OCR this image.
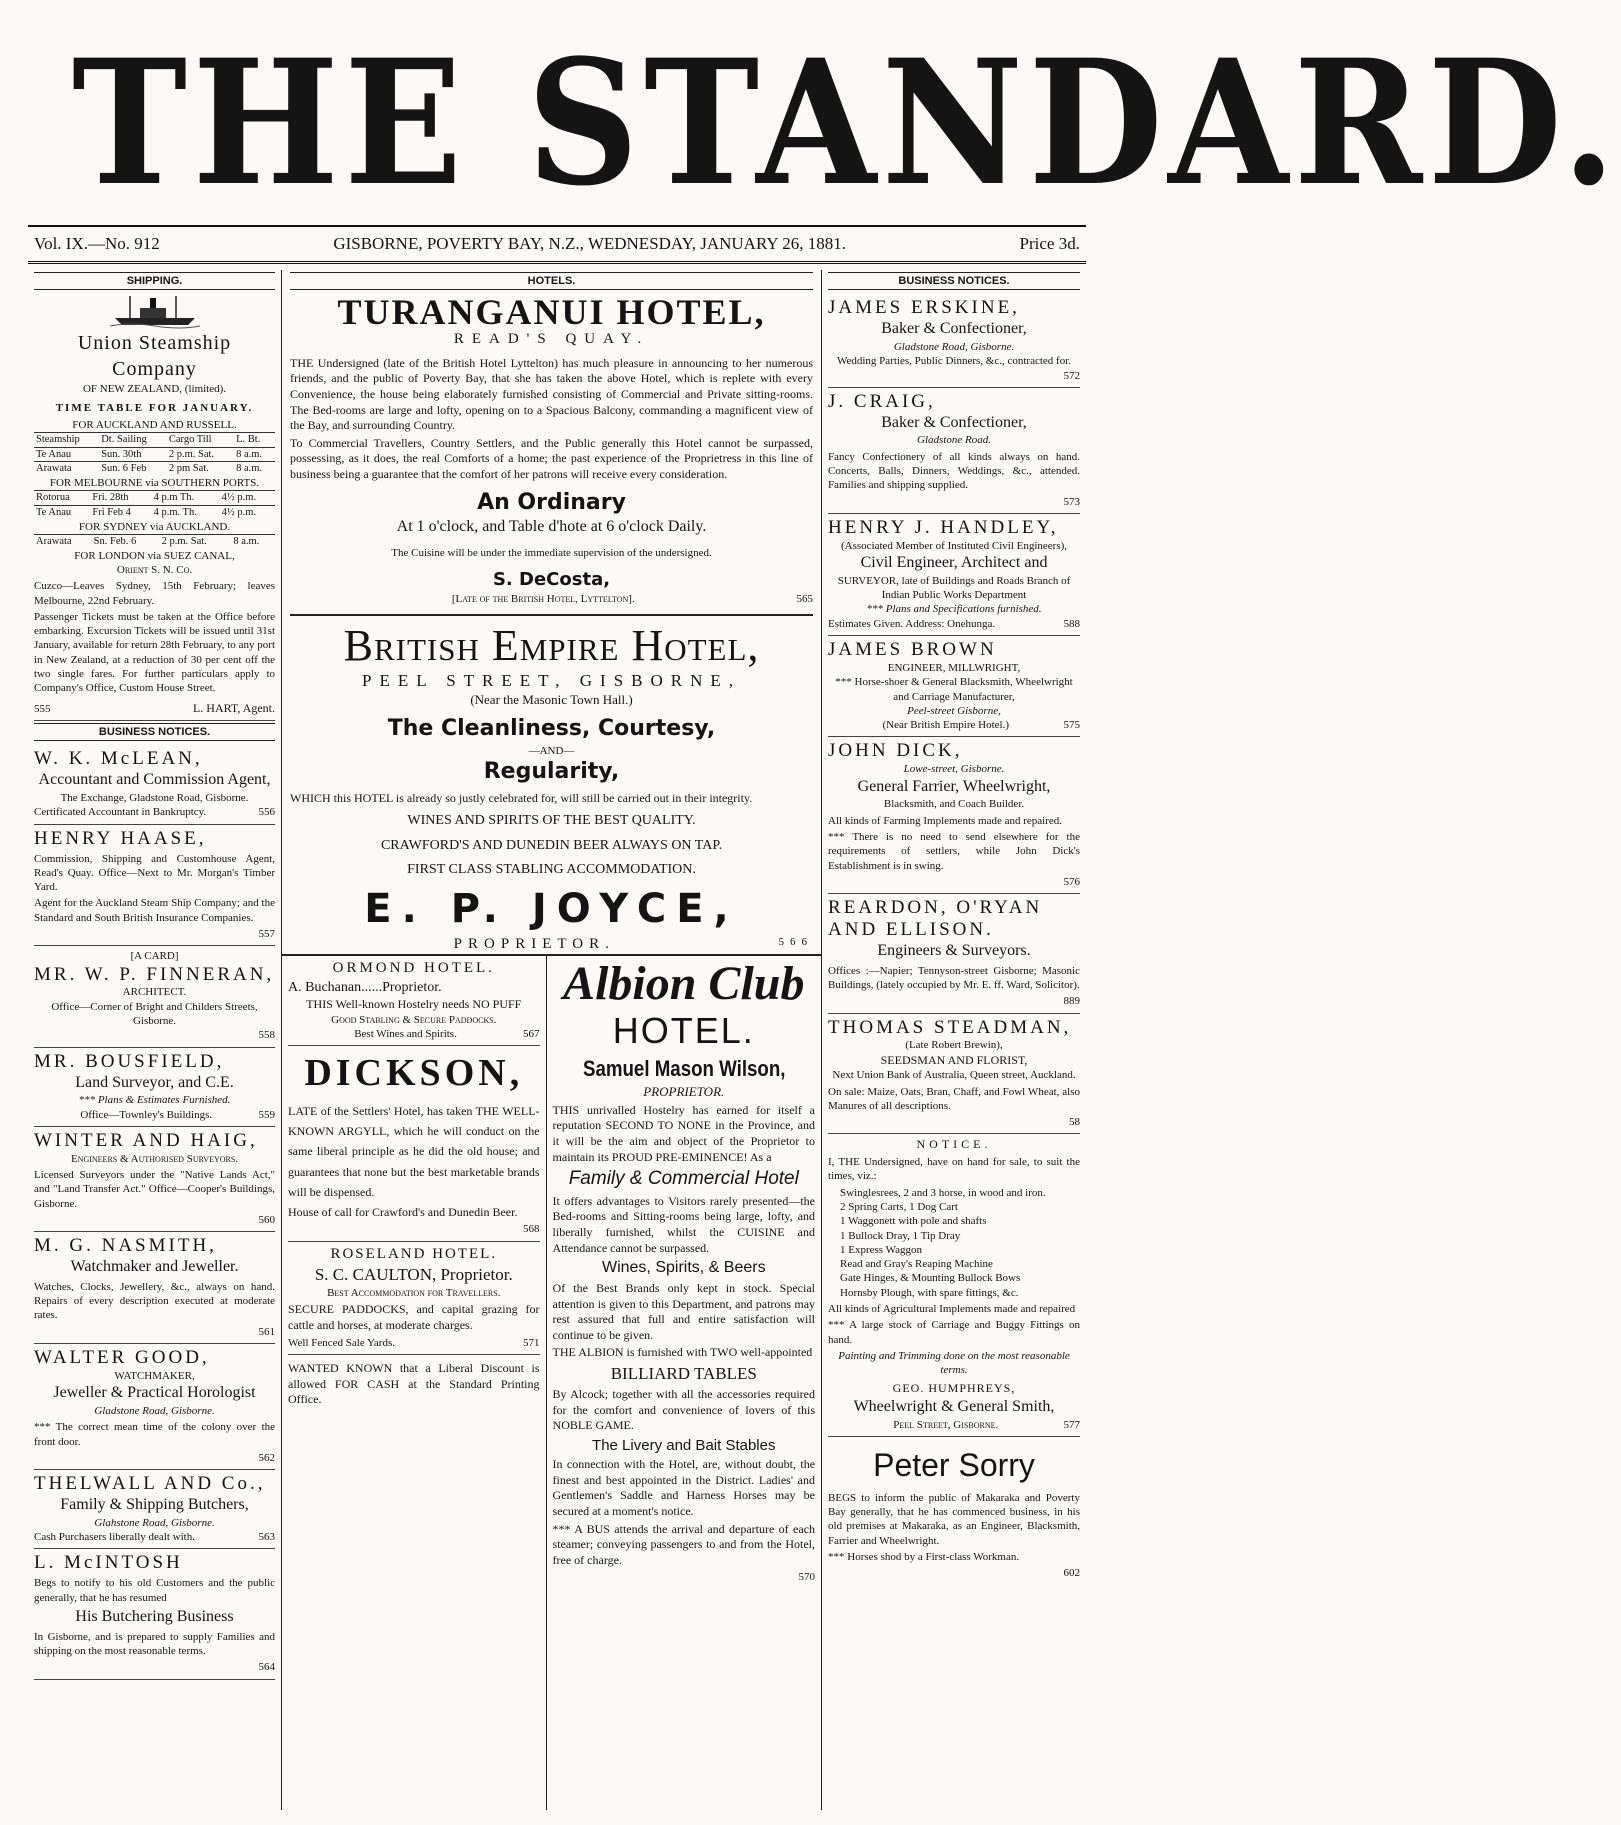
THE STANDARD.
Vol. IX.—No. 912	GISBORNE, POVERTY BAY, N.Z., WEDNESDAY, JANUARY 26, 1881.	Price 3d.
SHIPPING.
Union Steamship Company
OF NEW ZEALAND, (limited).
TIME TABLE FOR JANUARY.
FOR AUCKLAND AND RUSSELL.
Steamship	Dt. Sailing	Cargo Till	L. Bt.
Te Anau	Sun. 30th	2 p.m. Sat.	8 a.m.
Arawata	Sun. 6 Feb	2 pm Sat.	8 a.m.
FOR MELBOURNE via SOUTHERN PORTS.
Rotorua	Fri. 28th	4 p.m Th.	4½ p.m.
Te Anau	Fri Feb 4	4 p.m. Th.	4½ p.m.
FOR SYDNEY via AUCKLAND.
Arawata	Sn. Feb. 6	2 p.m. Sat.	8 a.m.
FOR LONDON via SUEZ CANAL,
Orient S. N. Co.

Cuzco—Leaves Sydney, 15th February; leaves Melbourne, 22nd February.

Passenger Tickets must be taken at the Office before embarking. Excursion Tickets will be issued until 31st January, available for return 28th February, to any port in New Zealand, at a reduction of 30 per cent off the two single fares. For further particulars apply to Company's Office, Custom House Street.

555	L. HART, Agent.
BUSINESS NOTICES.
W. K. McLEAN,
Accountant and Commission Agent,
The Exchange, Gladstone Road, Gisborne.
Certificated Accountant in Bankruptcy.	556
HENRY HAASE,

Commission, Shipping and Customhouse Agent, Read's Quay. Office—Next to Mr. Morgan's Timber Yard.

Agent for the Auckland Steam Ship Company; and the Standard and South British Insurance Companies.

557
[A CARD]
MR. W. P. FINNERAN,
ARCHITECT.
Office—Corner of Bright and Childers Streets, Gisborne.
558
MR. BOUSFIELD,
Land Surveyor, and C.E.
*** Plans & Estimates Furnished.
Office—Townley's Buildings.	559
WINTER AND HAIG,
Engineers & Authorised Surveyors.

Licensed Surveyors under the "Native Lands Act," and "Land Transfer Act." Office—Cooper's Buildings, Gisborne.

560
M. G. NASMITH,
Watchmaker and Jeweller.

Watches, Clocks, Jewellery, &c., always on hand. Repairs of every description executed at moderate rates.

561
WALTER GOOD,
WATCHMAKER,
Jeweller & Practical Horologist
Gladstone Road, Gisborne.

*** The correct mean time of the colony over the front door.

562
THELWALL AND Co.,
Family & Shipping Butchers,
Glahstone Road, Gisborne.
Cash Purchasers liberally dealt with.	563
L. McINTOSH

Begs to notify to his old Customers and the public generally, that he has resumed

His Butchering Business

In Gisborne, and is prepared to supply Families and shipping on the most reasonable terms.

564
HOTELS.
TURANGANUI HOTEL,
READ'S QUAY.

THE Undersigned (late of the British Hotel Lyttelton) has much pleasure in announcing to her numerous friends, and the public of Poverty Bay, that she has taken the above Hotel, which is replete with every Convenience, the house being elaborately furnished consisting of Commercial and Private sitting-rooms. The Bed-rooms are large and lofty, opening on to a Spacious Balcony, commanding a magnificent view of the Bay, and surrounding Country.

To Commercial Travellers, Country Settlers, and the Public generally this Hotel cannot be surpassed, possessing, as it does, the real Comforts of a home; the past experience of the Proprietress in this line of business being a guarantee that the comfort of her patrons will receive every consideration.

An Ordinary
At 1 o'clock, and Table d'hote at 6 o'clock Daily.
The Cuisine will be under the immediate supervision of the undersigned.
S. DeCosta,
[Late of the British Hotel, Lyttelton].	565
British Empire Hotel,
PEEL STREET, GISBORNE,
(Near the Masonic Town Hall.)
The Cleanliness, Courtesy,
—AND—
Regularity,

WHICH this HOTEL is already so justly celebrated for, will still be carried out in their integrity.

WINES AND SPIRITS OF THE BEST QUALITY.
CRAWFORD'S AND DUNEDIN BEER ALWAYS ON TAP.
FIRST CLASS STABLING ACCOMMODATION.
E. P. JOYCE,
PROPRIETOR.	566
ORMOND HOTEL.
A. Buchanan......Proprietor.
THIS Well-known Hostelry needs NO PUFF
Good Stabling & Secure Paddocks.
Best Wines and Spirits.	567
DICKSON,

LATE of the Settlers' Hotel, has taken THE WELL-KNOWN ARGYLL, which he will conduct on the same liberal principle as he did the old house; and guarantees that none but the best marketable brands will be dispensed.

House of call for Crawford's and Dunedin Beer.

568
ROSELAND HOTEL.
S. C. CAULTON, Proprietor.
Best Accommodation for Travellers.

SECURE PADDOCKS, and capital grazing for cattle and horses, at moderate charges.

Well Fenced Sale Yards.	571

WANTED KNOWN that a Liberal Discount is allowed FOR CASH at the Standard Printing Office.

Albion Club
HOTEL.
Samuel Mason Wilson,
PROPRIETOR.

THIS unrivalled Hostelry has earned for itself a reputation SECOND TO NONE in the Province, and it will be the aim and object of the Proprietor to maintain its PROUD PRE-EMINENCE! As a

Family & Commercial Hotel

It offers advantages to Visitors rarely presented—the Bed-rooms and Sitting-rooms being large, lofty, and liberally furnished, whilst the CUISINE and Attendance cannot be surpassed.

Wines, Spirits, & Beers

Of the Best Brands only kept in stock. Special attention is given to this Department, and patrons may rest assured that full and entire satisfaction will continue to be given.

THE ALBION is furnished with TWO well-appointed

BILLIARD TABLES

By Alcock; together with all the accessories required for the comfort and convenience of lovers of this NOBLE GAME.

The Livery and Bait Stables

In connection with the Hotel, are, without doubt, the finest and best appointed in the District. Ladies' and Gentlemen's Saddle and Harness Horses may be secured at a moment's notice.

*** A BUS attends the arrival and departure of each steamer; conveying passengers to and from the Hotel, free of charge.

570
BUSINESS NOTICES.
JAMES ERSKINE,
Baker & Confectioner,
Gladstone Road, Gisborne.
Wedding Parties, Public Dinners, &c., contracted for.
572
J. CRAIG,
Baker & Confectioner,
Gladstone Road.

Fancy Confectionery of all kinds always on hand. Concerts, Balls, Dinners, Weddings, &c., attended. Families and shipping supplied.

573
HENRY J. HANDLEY,
(Associated Member of Instituted Civil Engineers),
Civil Engineer, Architect and
SURVEYOR, late of Buildings and Roads Branch of Indian Public Works Department
*** Plans and Specifications furnished.
Estimates Given. Address: Onehunga.	588
JAMES BROWN
ENGINEER, MILLWRIGHT,
*** Horse-shoer & General Blacksmith, Wheelwright and Carriage Manufacturer,
Peel-street Gisborne,
(Near British Empire Hotel.)	575
JOHN DICK,
Lowe-street, Gisborne.
General Farrier, Wheelwright,
Blacksmith, and Coach Builder.

All kinds of Farming Implements made and repaired.

*** There is no need to send elsewhere for the requirements of settlers, while John Dick's Establishment is in swing.

576
REARDON, O'RYAN AND ELLISON.
Engineers & Surveyors.

Offices :—Napier; Tennyson-street Gisborne; Masonic Buildings, (lately occupied by Mr. E. ff. Ward, Solicitor).

889
THOMAS STEADMAN,
(Late Robert Brewin),
SEEDSMAN AND FLORIST,
Next Union Bank of Australia, Queen street, Auckland.

On sale: Maize, Oats, Bran, Chaff, and Fowl Wheat, also Manures of all descriptions.

58
NOTICE.

I, THE Undersigned, have on hand for sale, to suit the times, viz.:

Swinglesrees, 2 and 3 horse, in wood and iron.
2 Spring Carts, 1 Dog Cart
1 Waggonett with pole and shafts
1 Bullock Dray, 1 Tip Dray
1 Express Waggon
Read and Gray's Reaping Machine
Gate Hinges, & Mounting Bullock Bows
Hornsby Plough, with spare fittings, &c.

All kinds of Agricultural Implements made and repaired

*** A large stock of Carriage and Buggy Fittings on hand.

Painting and Trimming done on the most reasonable terms.
GEO. HUMPHREYS,
Wheelwright & General Smith,
Peel Street, Gisborne.	577
Peter Sorry

BEGS to inform the public of Makaraka and Poverty Bay generally, that he has commenced business, in his old premises at Makaraka, as an Engineer, Blacksmith, Farrier and Wheelwright.

*** Horses shod by a First-class Workman.

602
